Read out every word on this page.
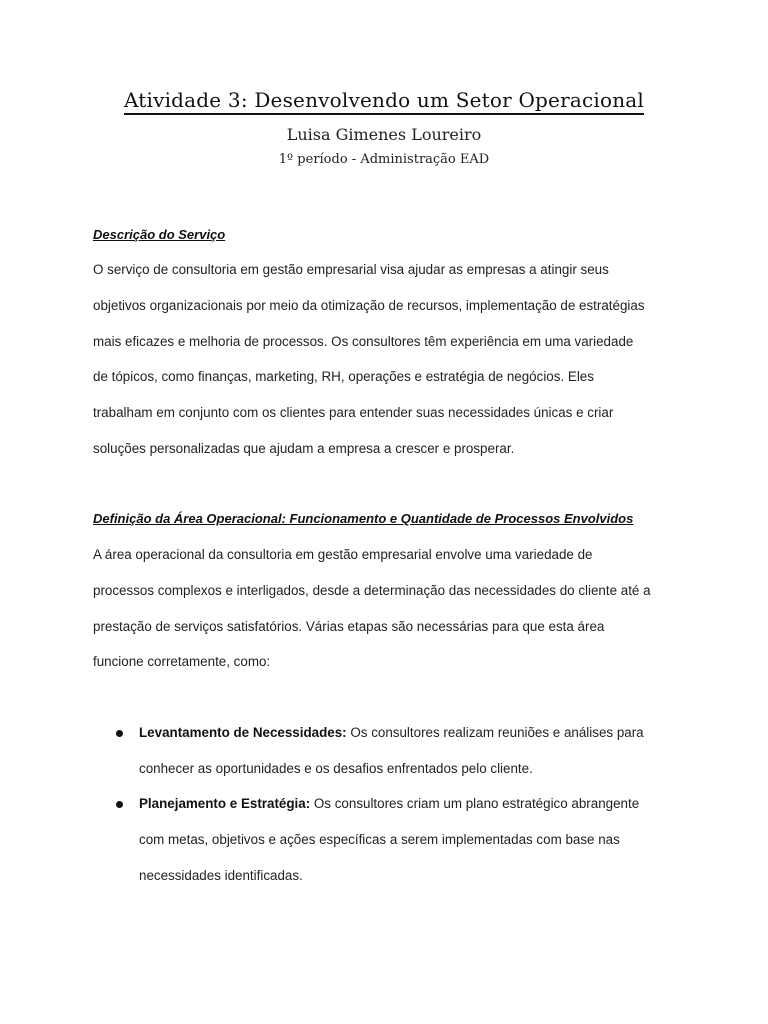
Atividade 3: Desenvolvendo um Setor Operacional
Luisa Gimenes Loureiro
1º período - Administração EAD
Descrição do Serviço
O serviço de consultoria em gestão empresarial visa ajudar as empresas a atingir seus
objetivos organizacionais por meio da otimização de recursos, implementação de estratégias
mais eficazes e melhoria de processos. Os consultores têm experiência em uma variedade
de tópicos, como finanças, marketing, RH, operações e estratégia de negócios. Eles
trabalham em conjunto com os clientes para entender suas necessidades únicas e criar
soluções personalizadas que ajudam a empresa a crescer e prosperar.
Definição da Área Operacional: Funcionamento e Quantidade de Processos Envolvidos
A área operacional da consultoria em gestão empresarial envolve uma variedade de
processos complexos e interligados, desde a determinação das necessidades do cliente até a
prestação de serviços satisfatórios. Várias etapas são necessárias para que esta área
funcione corretamente, como:
Levantamento de Necessidades: Os consultores realizam reuniões e análises para
conhecer as oportunidades e os desafios enfrentados pelo cliente.
Planejamento e Estratégia: Os consultores criam um plano estratégico abrangente
com metas, objetivos e ações específicas a serem implementadas com base nas
necessidades identificadas.
